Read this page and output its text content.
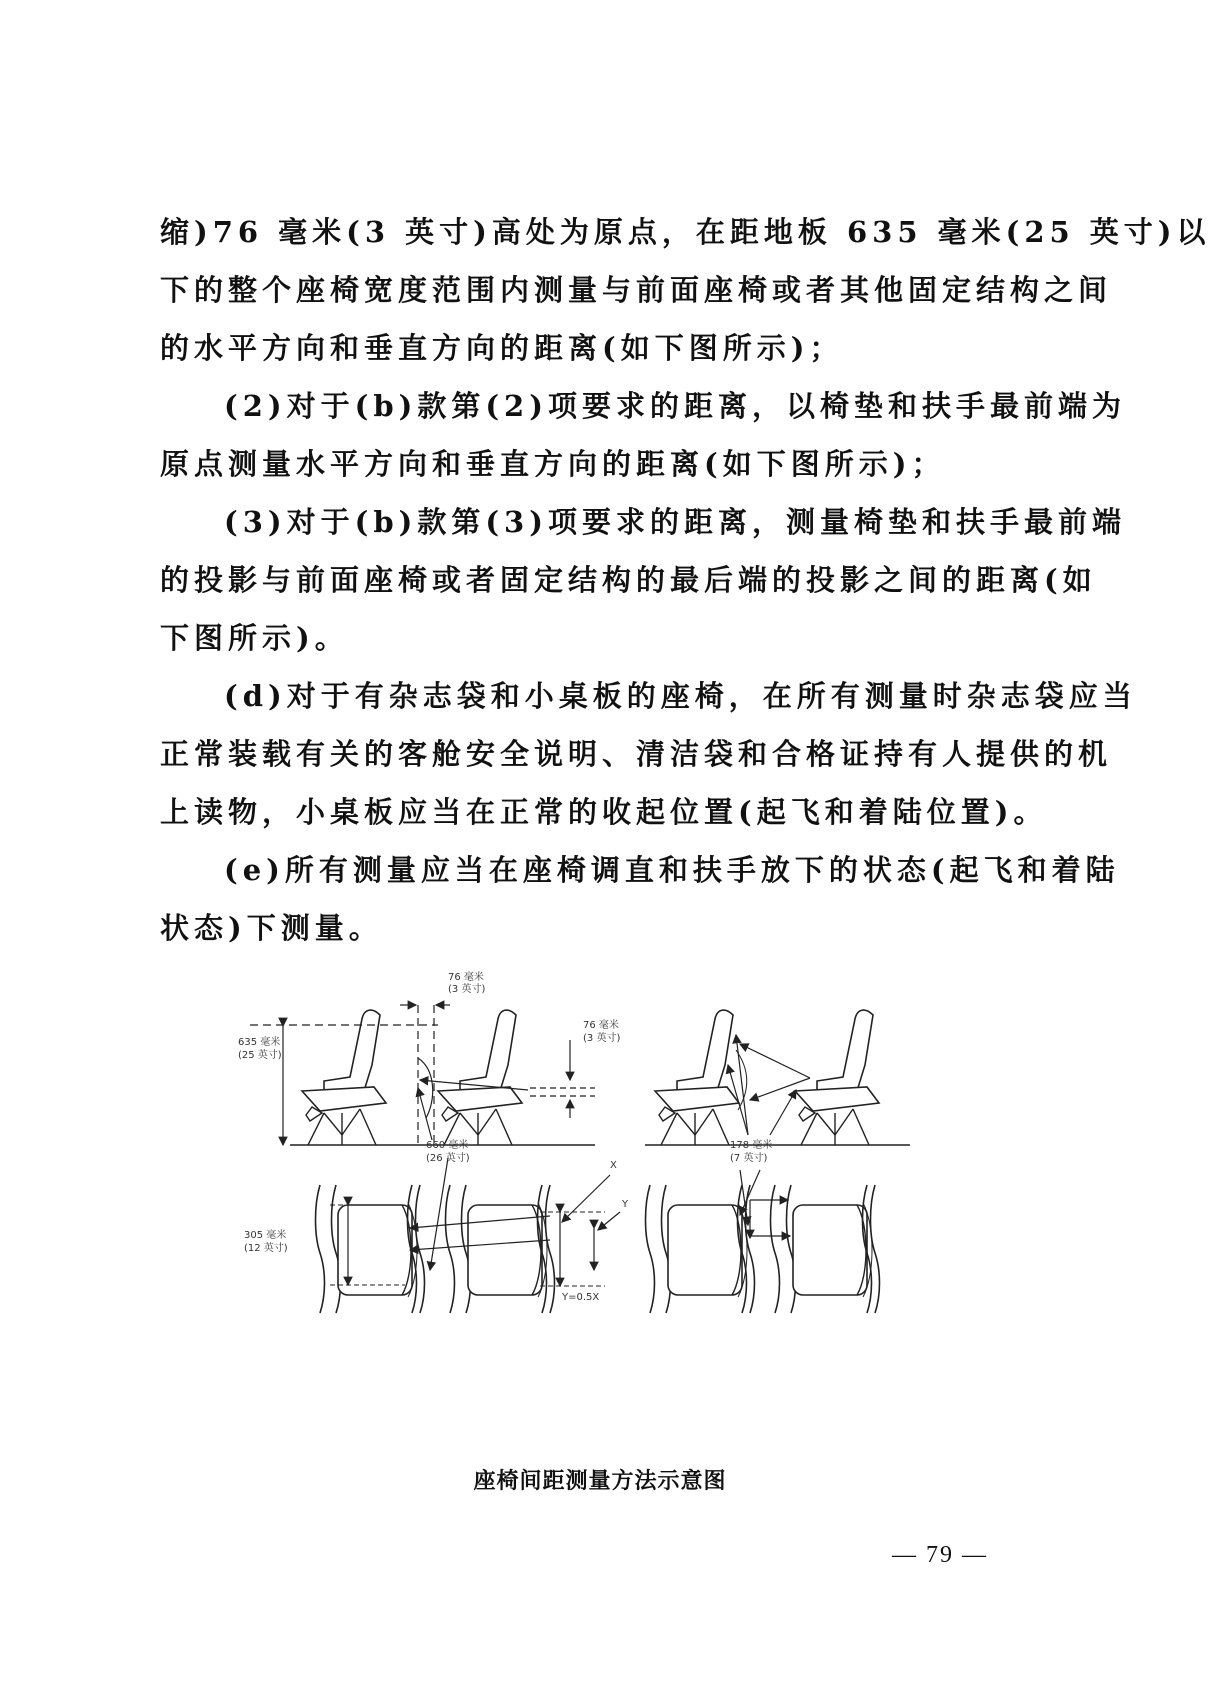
缩)76 毫米(3 英寸)高处为原点，在距地板 635 毫米(25 英寸)以
下的整个座椅宽度范围内测量与前面座椅或者其他固定结构之间
的水平方向和垂直方向的距离(如下图所示)；

(2)对于(b)款第(2)项要求的距离，以椅垫和扶手最前端为
原点测量水平方向和垂直方向的距离(如下图所示)；

(3)对于(b)款第(3)项要求的距离，测量椅垫和扶手最前端
的投影与前面座椅或者固定结构的最后端的投影之间的距离(如
下图所示)。

(d)对于有杂志袋和小桌板的座椅，在所有测量时杂志袋应当
正常装载有关的客舱安全说明、清洁袋和合格证持有人提供的机
上读物，小桌板应当在正常的收起位置(起飞和着陆位置)。

(e)所有测量应当在座椅调直和扶手放下的状态(起飞和着陆
状态)下测量。

76 毫米
(3 英寸)
635 毫米
(25 英寸)
76 毫米
(3 英寸)
660 毫米
(26 英寸)
178 毫米
(7 英寸)
305 毫米
(12 英寸)
X
Y
Y=0.5X
座椅间距测量方法示意图
— 79 —
